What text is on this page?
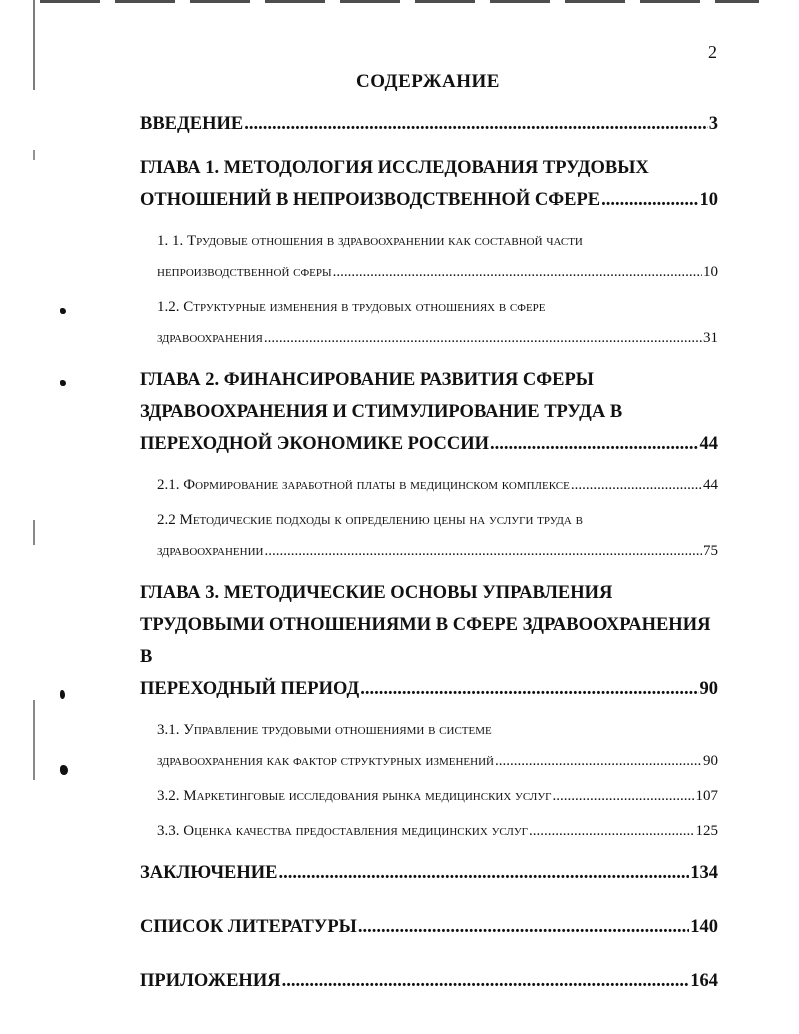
2
СОДЕРЖАНИЕ
ВВЕДЕНИЕ .....	3
ГЛАВА 1. МЕТОДОЛОГИЯ ИССЛЕДОВАНИЯ ТРУДОВЫХ
ОТНОШЕНИЙ В НЕПРОИЗВОДСТВЕННОЙ СФЕРЕ .....	10
1. 1. Трудовые отношения в здравоохранении как составной части
непроизводственной сферы .....	10
1.2. Структурные изменения в трудовых отношениях в сфере
здравоохранения .....	31
ГЛАВА 2. ФИНАНСИРОВАНИЕ РАЗВИТИЯ СФЕРЫ
ЗДРАВООХРАНЕНИЯ И СТИМУЛИРОВАНИЕ ТРУДА В
ПЕРЕХОДНОЙ ЭКОНОМИКЕ РОССИИ .....	44
2.1. Формирование заработной платы в медицинском комплексе .....	44
2.2 Методические подходы к определению цены на услуги труда в
здравоохранении .....	75
ГЛАВА 3. МЕТОДИЧЕСКИЕ ОСНОВЫ УПРАВЛЕНИЯ
ТРУДОВЫМИ ОТНОШЕНИЯМИ В СФЕРЕ ЗДРАВООХРАНЕНИЯ В
ПЕРЕХОДНЫЙ ПЕРИОД .....	90
3.1. Управление трудовыми отношениями в системе
здравоохранения как фактор структурных изменений .....	90
3.2. Маркетинговые исследования рынка медицинских услуг .....	107
3.3. Оценка качества предоставления медицинских услуг .....	125
ЗАКЛЮЧЕНИЕ .....	134
СПИСОК ЛИТЕРАТУРЫ .....	140
ПРИЛОЖЕНИЯ .....	164
